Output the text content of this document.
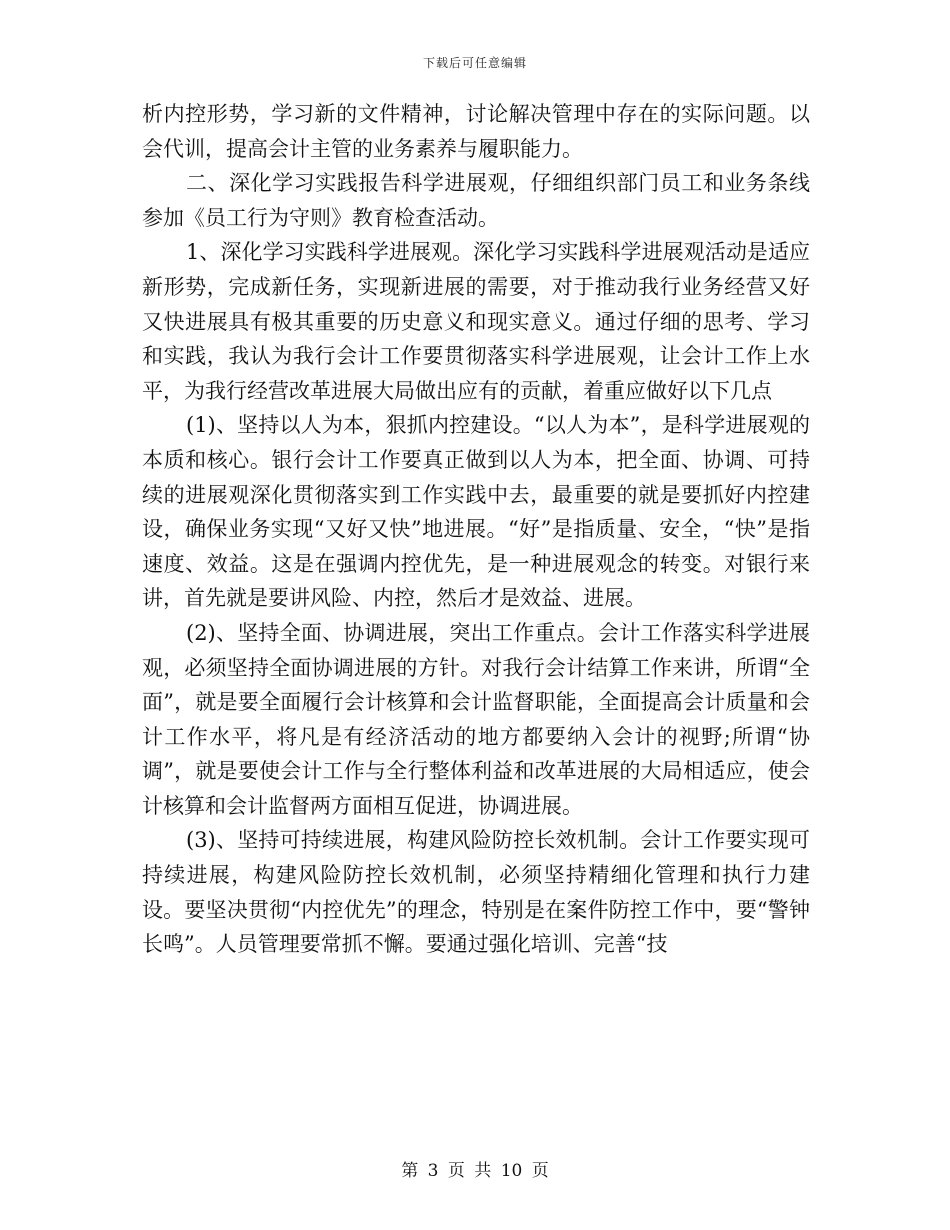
下载后可任意编辑

析内控形势，学习新的文件精神，讨论解决管理中存在的实际问题。以会代训，提高会计主管的业务素养与履职能力。

二、深化学习实践报告科学进展观，仔细组织部门员工和业务条线参加《员工行为守则》教育检查活动。

1、深化学习实践科学进展观。深化学习实践科学进展观活动是适应新形势，完成新任务，实现新进展的需要，对于推动我行业务经营又好又快进展具有极其重要的历史意义和现实意义。通过仔细的思考、学习和实践，我认为我行会计工作要贯彻落实科学进展观，让会计工作上水平，为我行经营改革进展大局做出应有的贡献，着重应做好以下几点

(1)、坚持以人为本，狠抓内控建设。“以人为本”，是科学进展观的本质和核心。银行会计工作要真正做到以人为本，把全面、协调、可持续的进展观深化贯彻落实到工作实践中去，最重要的就是要抓好内控建设，确保业务实现“又好又快”地进展。“好”是指质量、安全，“快”是指速度、效益。这是在强调内控优先，是一种进展观念的转变。对银行来讲，首先就是要讲风险、内控，然后才是效益、进展。

(2)、坚持全面、协调进展，突出工作重点。会计工作落实科学进展观，必须坚持全面协调进展的方针。对我行会计结算工作来讲，所谓“全面”，就是要全面履行会计核算和会计监督职能，全面提高会计质量和会计工作水平，将凡是有经济活动的地方都要纳入会计的视野;所谓“协调”，就是要使会计工作与全行整体利益和改革进展的大局相适应，使会计核算和会计监督两方面相互促进，协调进展。

(3)、坚持可持续进展，构建风险防控长效机制。会计工作要实现可持续进展，构建风险防控长效机制，必须坚持精细化管理和执行力建设。要坚决贯彻“内控优先”的理念，特别是在案件防控工作中，要“警钟长鸣”。人员管理要常抓不懈。要通过强化培训、完善“技

第 3 页 共 10 页
